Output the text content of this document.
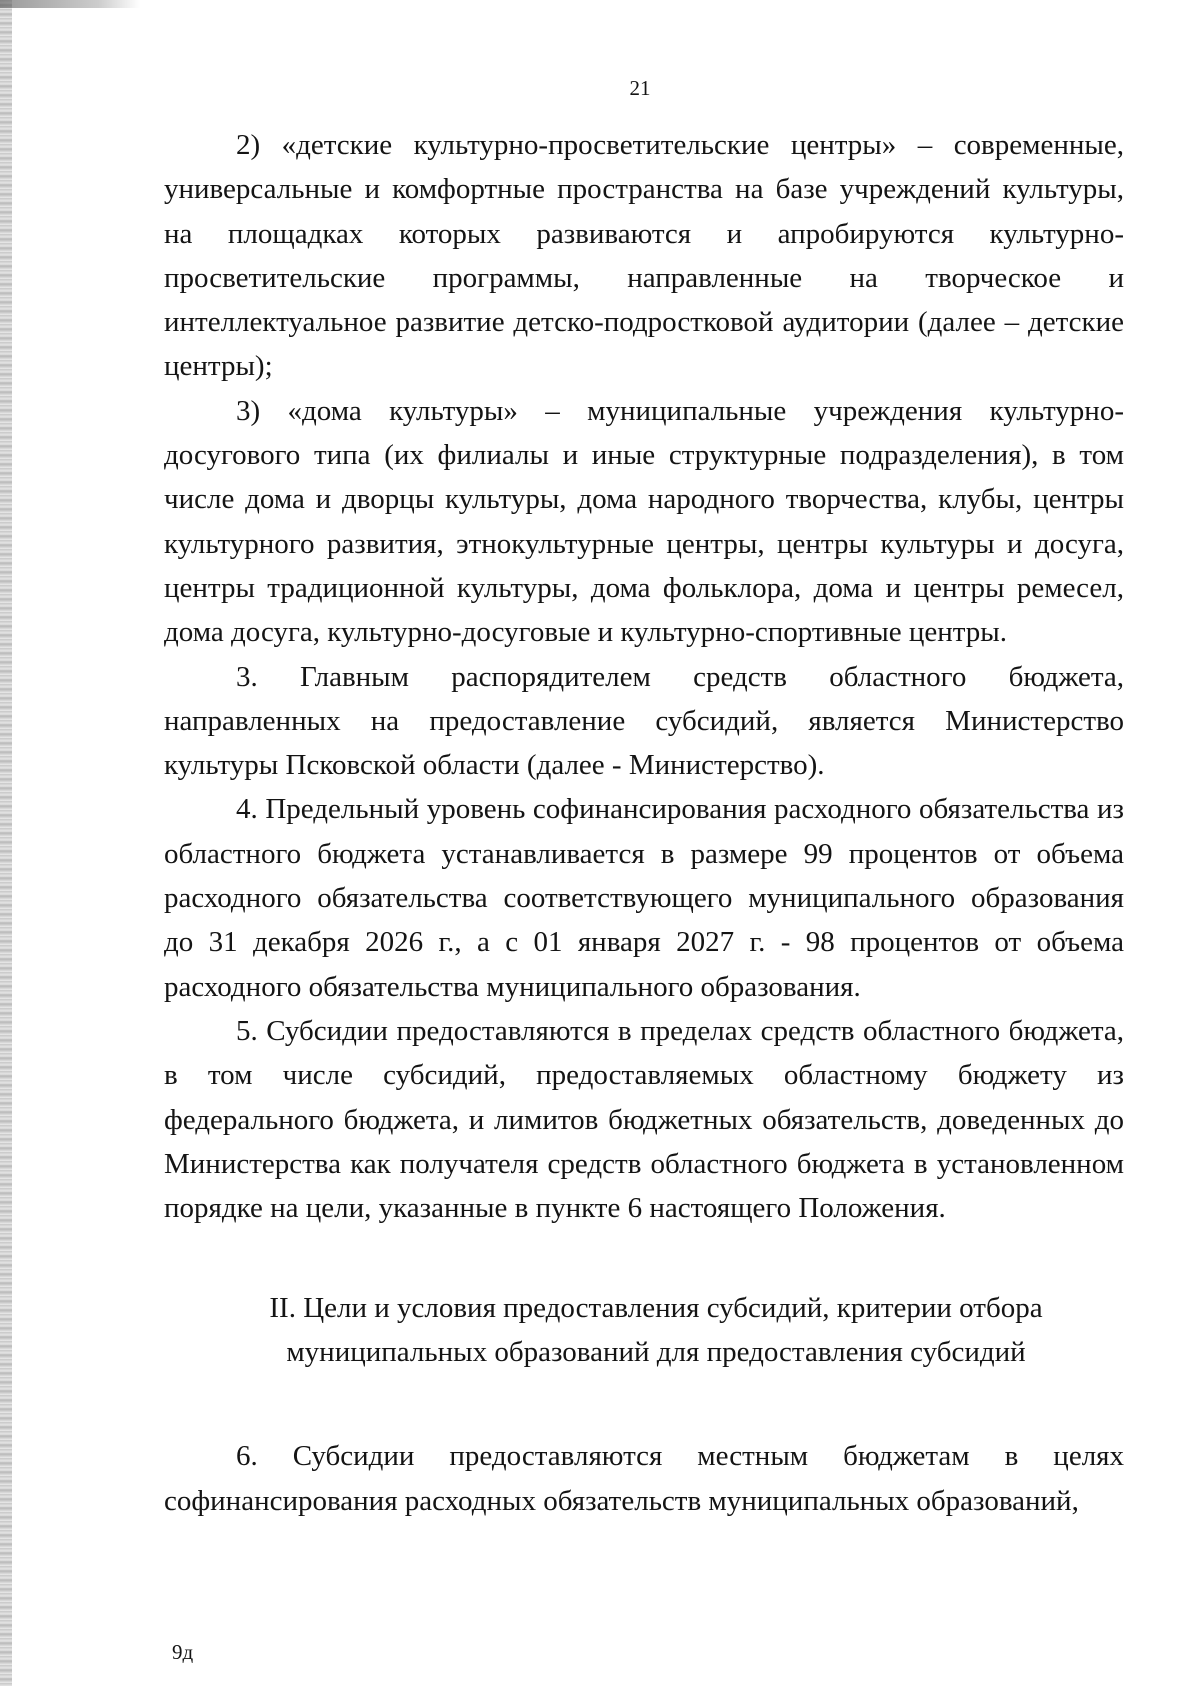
21

2) «детские культурно-просветительские центры» – современные, универсальные и комфортные пространства на базе учреждений культуры, на площадках которых развиваются и апробируются культурно-просветительские программы, направленные на творческое и интеллектуальное развитие детско-подростковой аудитории (далее – детские центры);

3) «дома культуры» – муниципальные учреждения культурно-досугового типа (их филиалы и иные структурные подразделения), в том числе дома и дворцы культуры, дома народного творчества, клубы, центры культурного развития, этнокультурные центры, центры культуры и досуга, центры традиционной культуры, дома фольклора, дома и центры ремесел, дома досуга, культурно-досуговые и культурно-спортивные центры.

3. Главным распорядителем средств областного бюджета, направленных на предоставление субсидий, является Министерство культуры Псковской области (далее - Министерство).

4. Предельный уровень софинансирования расходного обязательства из областного бюджета устанавливается в размере 99 процентов от объема расходного обязательства соответствующего муниципального образования до 31 декабря 2026 г., а с 01 января 2027 г. - 98 процентов от объема расходного обязательства муниципального образования.

5. Субсидии предоставляются в пределах средств областного бюджета, в том числе субсидий, предоставляемых областному бюджету из федерального бюджета, и лимитов бюджетных обязательств, доведенных до Министерства как получателя средств областного бюджета в установленном порядке на цели, указанные в пункте 6 настоящего Положения.

II. Цели и условия предоставления субсидий, критерии отбора
муниципальных образований для предоставления субсидий

6. Субсидии предоставляются местным бюджетам в целях софинансирования расходных обязательств муниципальных образований,

9д
